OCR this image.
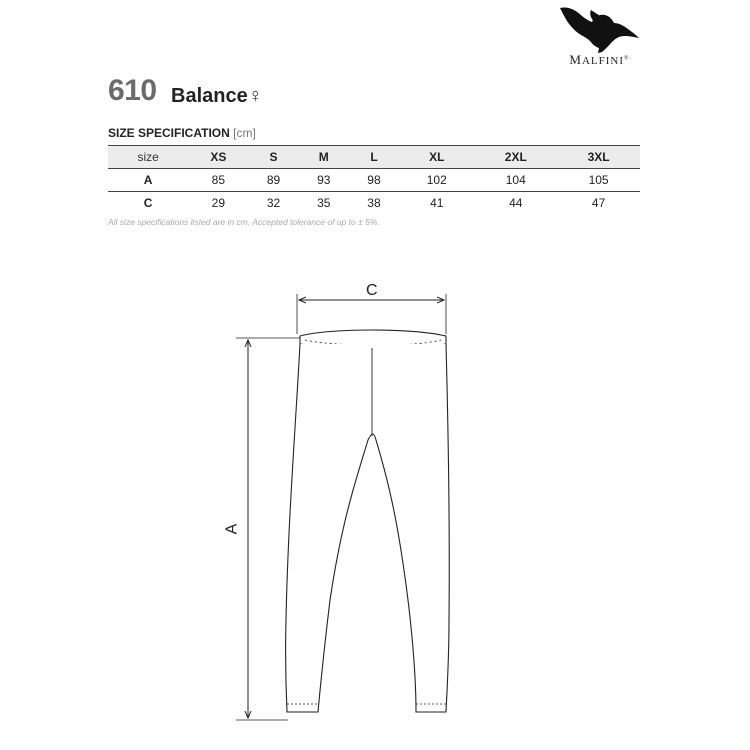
MALFINI®
610 Balance♀
SIZE SPECIFICATION [cm]
size	XS	S	M	L	XL	2XL	3XL
A	85	89	93	98	102	104	105
C	29	32	35	38	41	44	47
All size specifications listed are in cm. Accepted tolerance of up to ± 5%.
C
A
